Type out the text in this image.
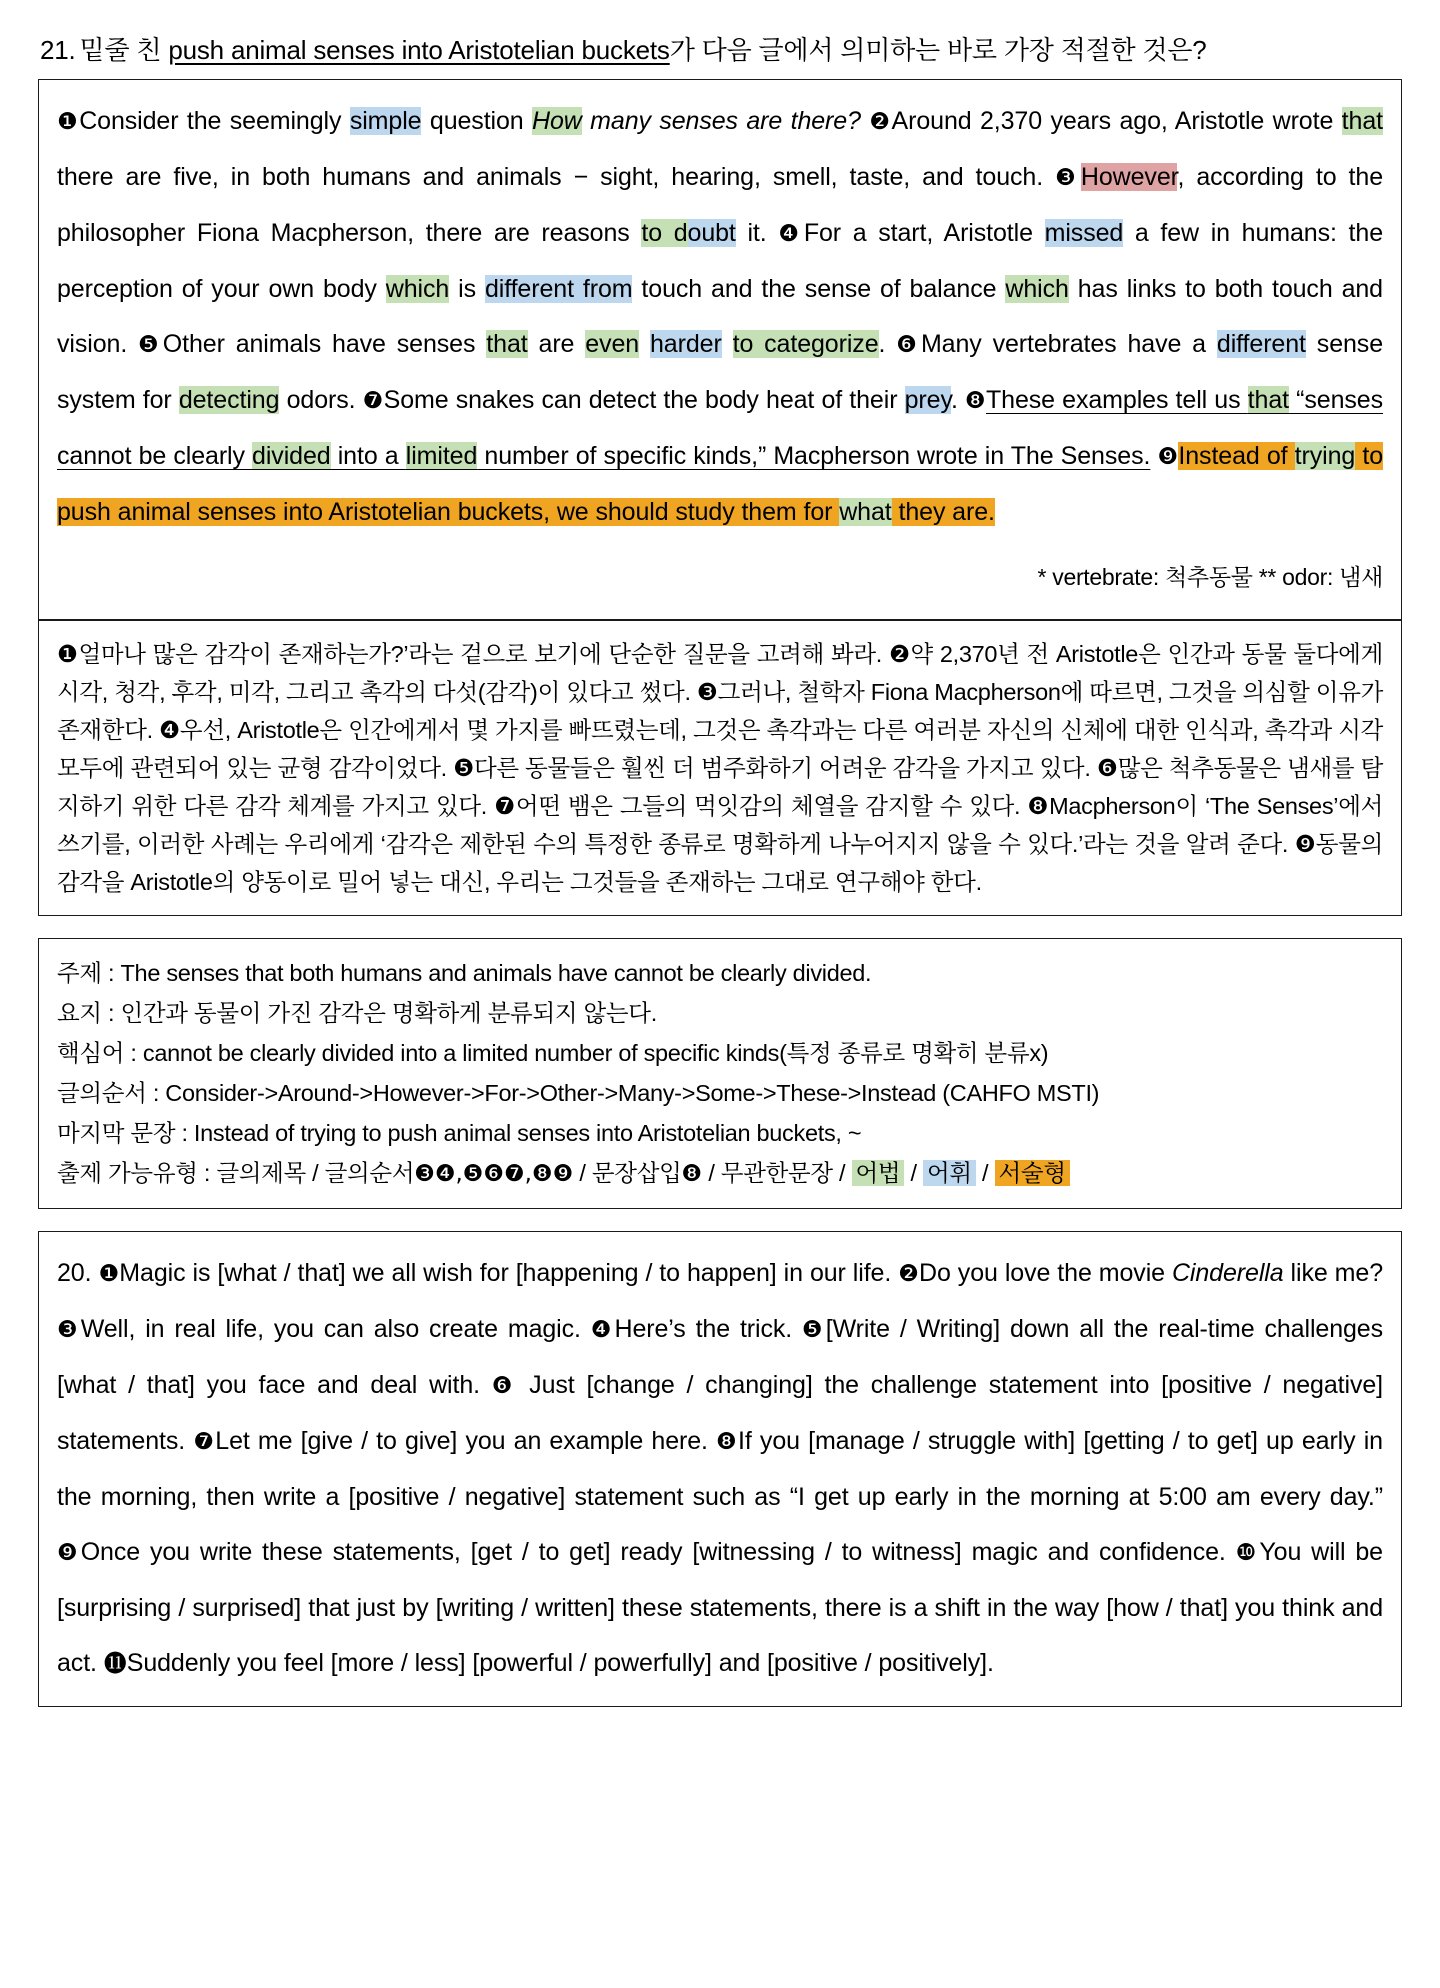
21. 밑줄 친 push animal senses into Aristotelian buckets가 다음 글에서 의미하는 바로 가장 적절한 것은?

❶Consider the seemingly simple question How many senses are there? ❷Around 2,370 years ago, Aristotle wrote that there are five, in both humans and animals − sight, hearing, smell, taste, and touch. ❸However, according to the philosopher Fiona Macpherson, there are reasons to doubt it. ❹For a start, Aristotle missed a few in humans: the perception of your own body which is different from touch and the sense of balance which has links to both touch and vision. ❺Other animals have senses that are even harder to categorize. ❻Many vertebrates have a different sense system for detecting odors. ❼Some snakes can detect the body heat of their prey. ❽These examples tell us that “senses cannot be clearly divided into a limited number of specific kinds,” Macpherson wrote in The Senses. ❾Instead of trying to push animal senses into Aristotelian buckets, we should study them for what they are.

* vertebrate: 척추동물 ** odor: 냄새
❶얼마나 많은 감각이 존재하는가?’라는 겉으로 보기에 단순한 질문을 고려해 봐라. ❷약 2,370년 전 Aristotle은 인간과 동물 둘다에게 시각, 청각, 후각, 미각, 그리고 촉각의 다섯(감각)이 있다고 썼다. ❸그러나, 철학자 Fiona Macpherson에 따르면, 그것을 의심할 이유가 존재한다. ❹우선, Aristotle은 인간에게서 몇 가지를 빠뜨렸는데, 그것은 촉각과는 다른 여러분 자신의 신체에 대한 인식과, 촉각과 시각 모두에 관련되어 있는 균형 감각이었다. ❺다른 동물들은 훨씬 더 범주화하기 어려운 감각을 가지고 있다. ❻많은 척추동물은 냄새를 탐지하기 위한 다른 감각 체계를 가지고 있다. ❼어떤 뱀은 그들의 먹잇감의 체열을 감지할 수 있다. ❽Macpherson이 ‘The Senses’에서 쓰기를, 이러한 사례는 우리에게 ‘감각은 제한된 수의 특정한 종류로 명확하게 나누어지지 않을 수 있다.’라는 것을 알려 준다. ❾동물의 감각을 Aristotle의 양동이로 밀어 넣는 대신, 우리는 그것들을 존재하는 그대로 연구해야 한다.
주제 : The senses that both humans and animals have cannot be clearly divided.
요지 : 인간과 동물이 가진 감각은 명확하게 분류되지 않는다.
핵심어 : cannot be clearly divided into a limited number of specific kinds(특정 종류로 명확히 분류x)
글의순서 : Consider->Around->However->For->Other->Many->Some->These->Instead (CAHFO MSTI)
마지막 문장 : Instead of trying to push animal senses into Aristotelian buckets, ~
출제 가능유형 : 글의제목 / 글의순서❸❹,❺❻❼,❽❾ / 문장삽입❽ / 무관한문장 / 어법 / 어휘 / 서술형

20. ❶Magic is [what / that] we all wish for [happening / to happen] in our life. ❷Do you love the movie Cinderella like me? ❸Well, in real life, you can also create magic. ❹Here’s the trick. ❺[Write / Writing] down all the real-time challenges [what / that] you face and deal with. ❻ Just [change / changing] the challenge statement into [positive / negative] statements. ❼Let me [give / to give] you an example here. ❽If you [manage / struggle with] [getting / to get] up early in the morning, then write a [positive / negative] statement such as “I get up early in the morning at 5:00 am every day.” ❾Once you write these statements, [get / to get] ready [witnessing / to witness] magic and confidence. ❿You will be [surprising / surprised] that just by [writing / written] these statements, there is a shift in the way [how / that] you think and act. ⓫Suddenly you feel [more / less] [powerful / powerfully] and [positive / positively].
